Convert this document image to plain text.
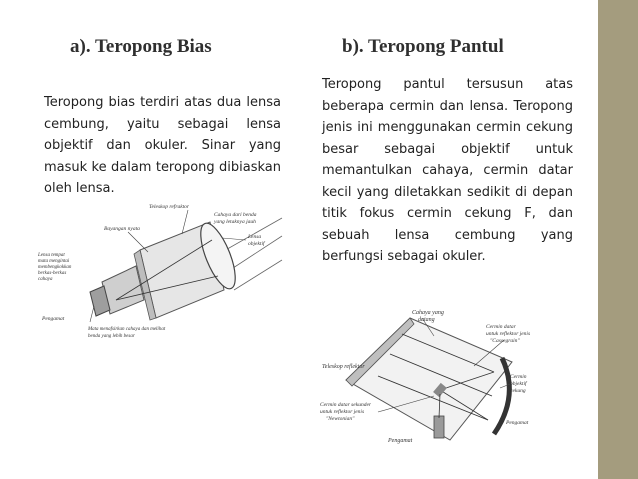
a). Teropong Bias

Teropong bias terdiri atas dua lensa cembung, yaitu sebagai lensa objektif dan okuler. Sinar yang masuk ke dalam teropong dibiaskan oleh lensa.

Teleskop refraktor
Cahaya dari benda
yang letaknya jauh
Bayangan nyata
Lensa
objektif
Lensa tempat
mata mengintai
membengkokkan
berkas-berkas
cahaya
Pengamat
Mata menafsirkan cahaya dan melihat
benda yang lebih besar
b). Teropong Pantul

Teropong pantul tersusun atas beberapa cermin dan lensa. Teropong jenis ini menggunakan cermin cekung besar sebagai objektif untuk memantulkan cahaya, cermin datar kecil yang diletakkan sedikit di depan titik fokus cermin cekung F, dan sebuah lensa cembung yang berfungsi sebagai okuler.

Cahaya yang
datang
Cermin datar
untuk reflektor jenis
"Cassegrain"
Teleskop reflektor
Cermin
objektif
cekung
Cermin datar sekunder
untuk reflektor jenis
"Newtonian"
Pengamat
Pengamat
